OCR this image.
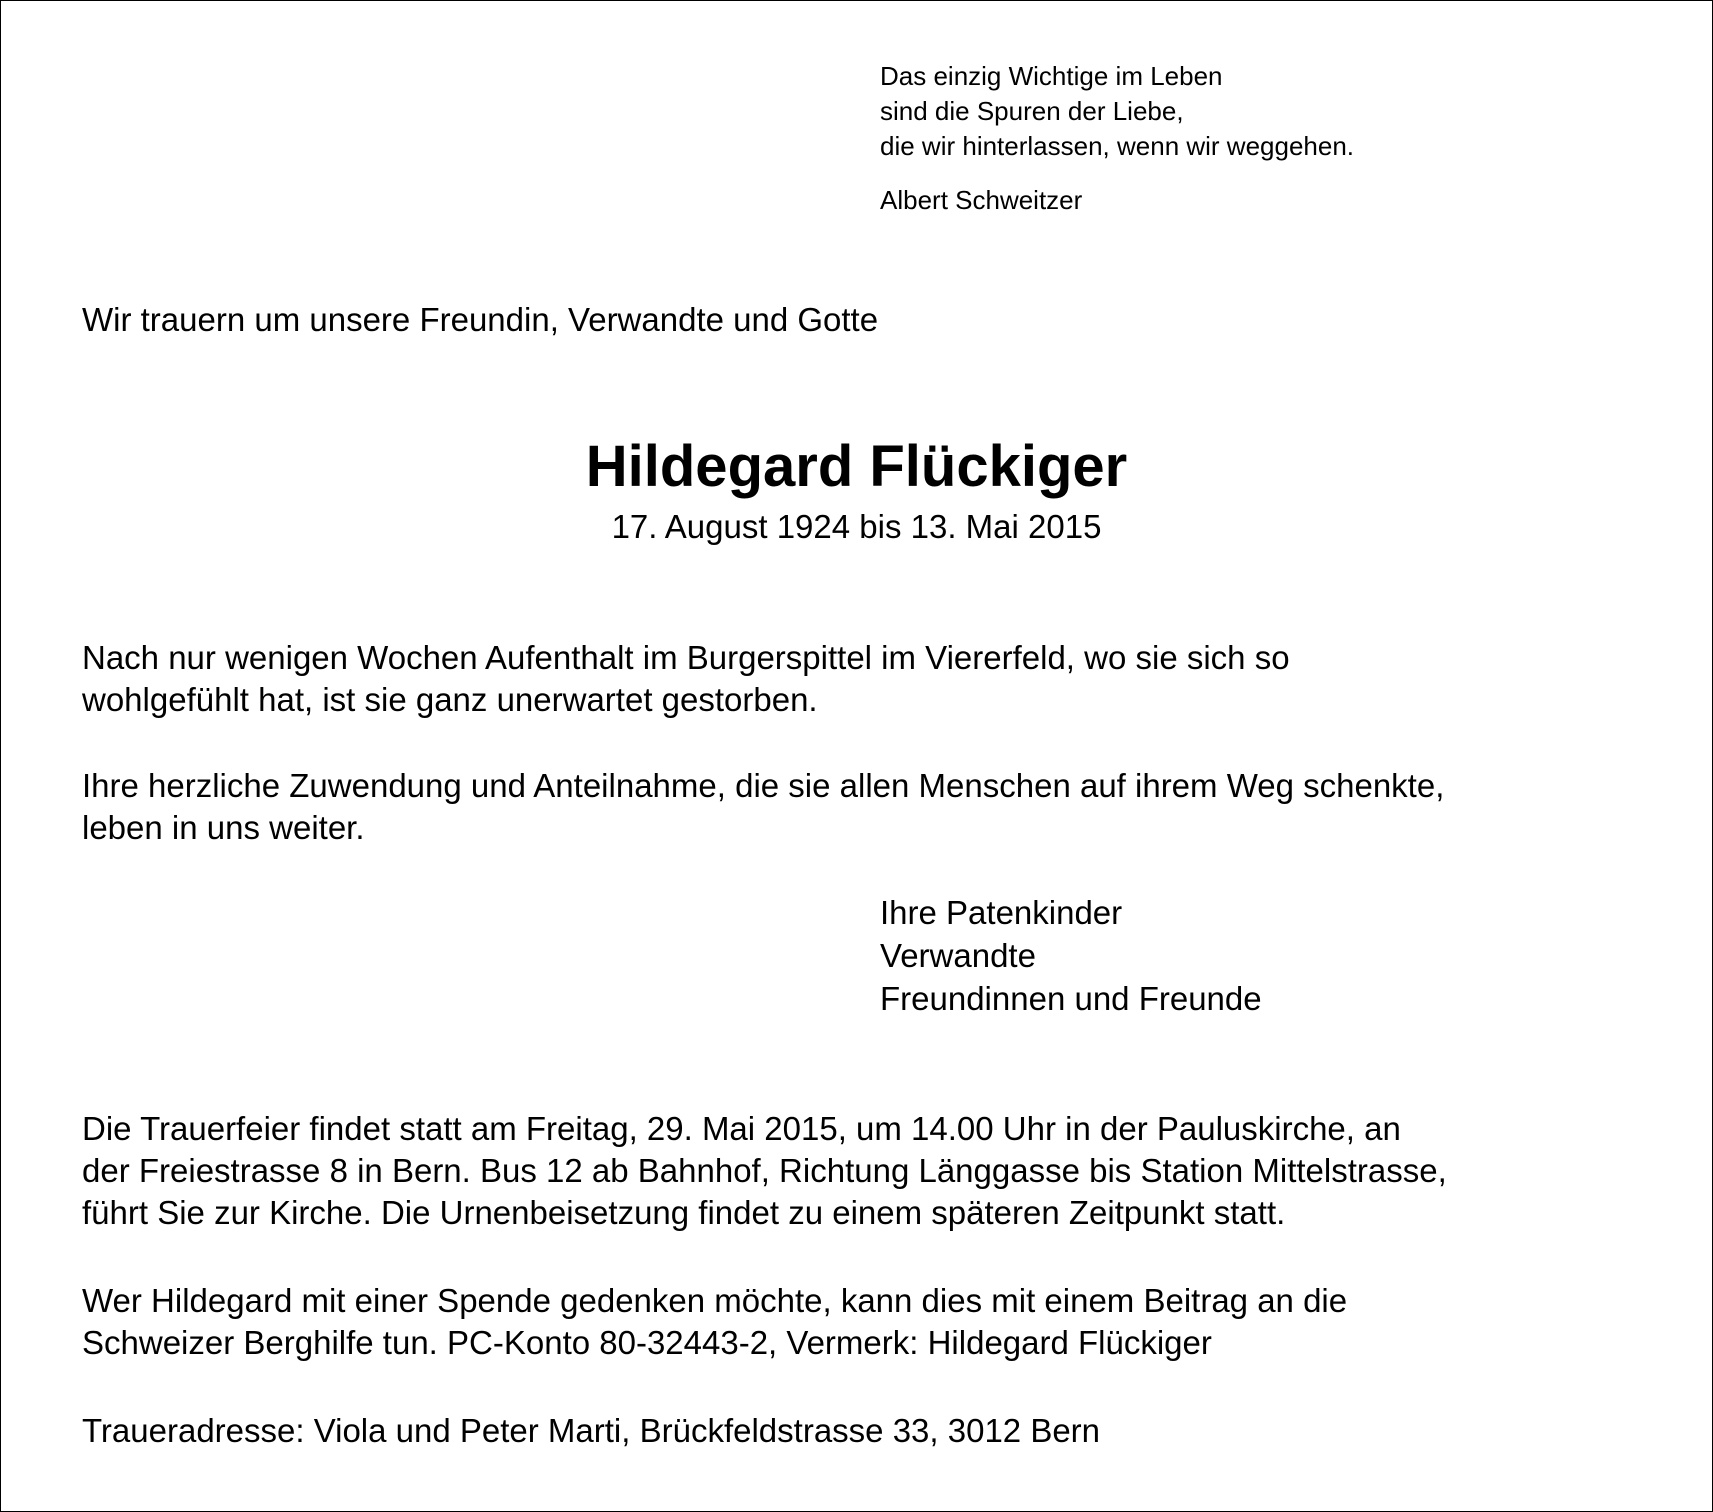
Das einzig Wichtige im Leben

sind die Spuren der Liebe,

die wir hinterlassen, wenn wir weggehen.

Albert Schweitzer

Wir trauern um unsere Freundin, Verwandte und Gotte

Hildegard Flückiger

17. August 1924 bis 13. Mai 2015

Nach nur wenigen Wochen Aufenthalt im Burgerspittel im Viererfeld, wo sie sich so

wohlgefühlt hat, ist sie ganz unerwartet gestorben.

Ihre herzliche Zuwendung und Anteilnahme, die sie allen Menschen auf ihrem Weg schenkte,

leben in uns weiter.

Ihre Patenkinder

Verwandte

Freundinnen und Freunde

Die Trauerfeier findet statt am Freitag, 29. Mai 2015, um 14.00 Uhr in der Pauluskirche, an

der Freiestrasse 8 in Bern. Bus 12 ab Bahnhof, Richtung Länggasse bis Station Mittelstrasse,

führt Sie zur Kirche. Die Urnenbeisetzung findet zu einem späteren Zeitpunkt statt.

Wer Hildegard mit einer Spende gedenken möchte, kann dies mit einem Beitrag an die

Schweizer Berghilfe tun. PC-Konto 80-32443-2, Vermerk: Hildegard Flückiger

Traueradresse: Viola und Peter Marti, Brückfeldstrasse 33, 3012 Bern
